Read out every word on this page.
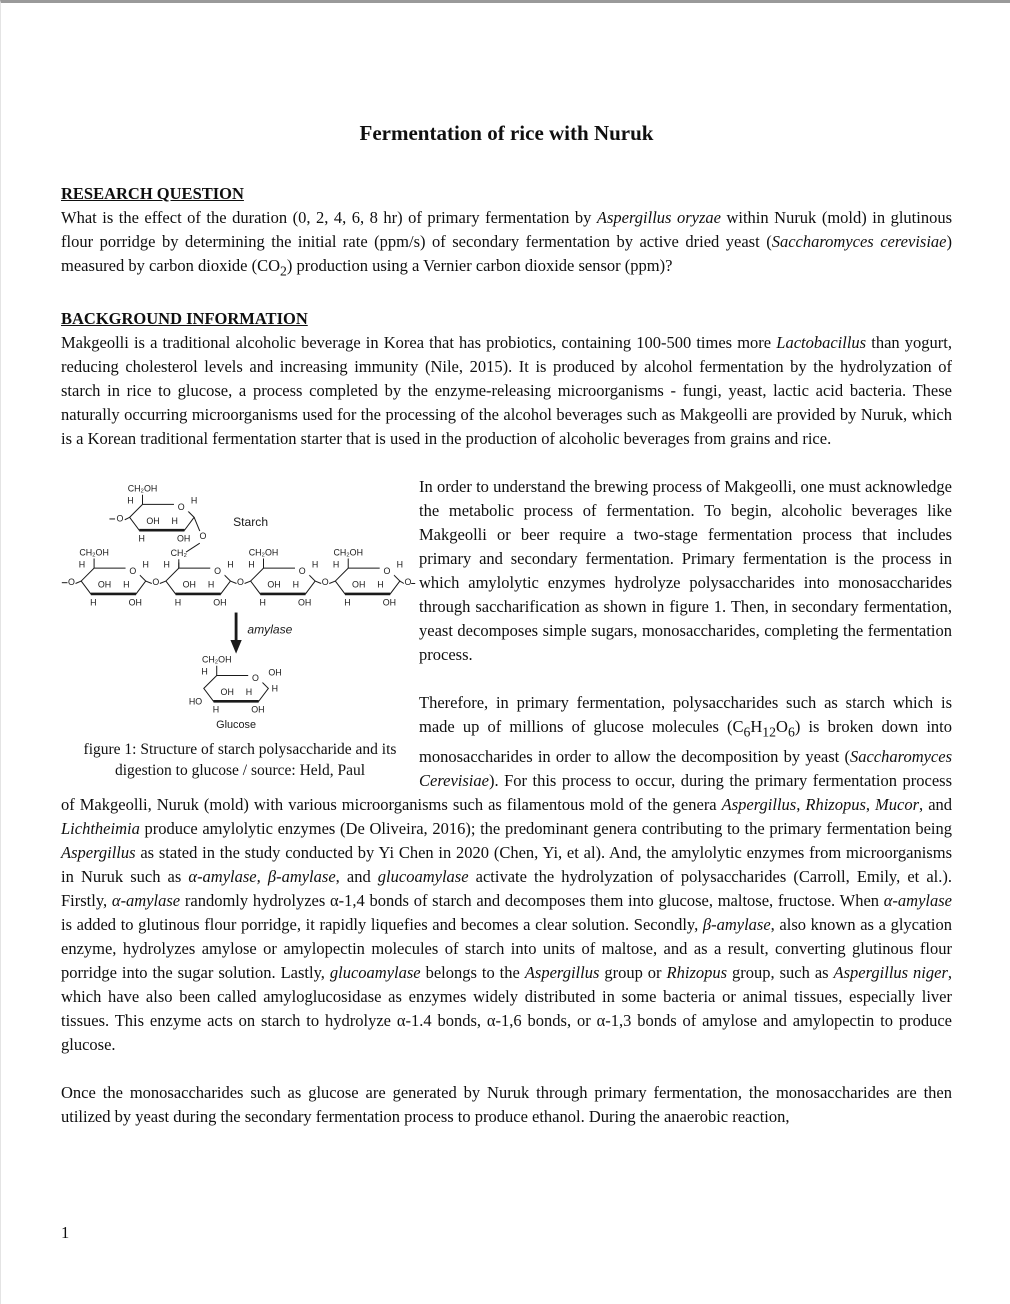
Fermentation of rice with Nuruk
RESEARCH QUESTION

What is the effect of the duration (0, 2, 4, 6, 8 hr) of primary fermentation by Aspergillus oryzae within Nuruk (mold) in glutinous flour porridge by determining the initial rate (ppm/s) of secondary fermentation by active dried yeast (Saccharomyces cerevisiae) measured by carbon dioxide $(CO_2)$ production using a Vernier carbon dioxide sensor (ppm)?

BACKGROUND INFORMATION

Makgeolli is a traditional alcoholic beverage in Korea that has probiotics, containing 100-500 times more Lactobacillus than yogurt, reducing cholesterol levels and increasing immunity (Nile, 2015). It is produced by alcohol fermentation by the hydrolyzation of starch in rice to glucose, a process completed by the enzyme-releasing microorganisms - fungi, yeast, lactic acid bacteria. These naturally occurring microorganisms used for the processing of the alcohol beverages such as Makgeolli are provided by Nuruk, which is a Korean traditional fermentation starter that is used in the production of alcoholic beverages from grains and rice.

O
CH₂OH
H	H
OH H
H OH
O
O
O
CH₂OH
H	H
OH H
H OH
O
CH₂
H	H
OH H
H OH
O
CH₂OH
H	H
OH H
H OH
O
CH₂OH
H	H
OH H
H OH
O	O	O	O	O
Starch
amylase
O
CH₂OH
H	OH
H
HO
OH H
H OH
Glucose
figure 1: Structure of starch polysaccharide and its digestion to glucose / source: Held, Paul

In order to understand the brewing process of Makgeolli, one must acknowledge the metabolic process of fermentation. To begin, alcoholic beverages like Makgeolli or beer require a two-stage fermentation process that includes primary and secondary fermentation. Primary fermentation is the process in which amylolytic enzymes hydrolyze polysaccharides into monosaccharides through saccharification as shown in figure 1. Then, in secondary fermentation, yeast decomposes simple sugars, monosaccharides, completing the fermentation process.

Therefore, in primary fermentation, polysaccharides such as starch which is made up of millions of glucose molecules $(C_6H_{12}O_6)$ is broken down into monosaccharides in order to allow the decomposition by yeast (Saccharomyces Cerevisiae). For this process to occur, during the primary fermentation process of Makgeolli, Nuruk (mold) with various microorganisms such as filamentous mold of the genera Aspergillus, Rhizopus, Mucor, and Lichtheimia produce amylolytic enzymes (De Oliveira, 2016); the predominant genera contributing to the primary fermentation being Aspergillus as stated in the study conducted by Yi Chen in 2020 (Chen, Yi, et al). And, the amylolytic enzymes from microorganisms in Nuruk such as α-amylase, β-amylase, and glucoamylase activate the hydrolyzation of polysaccharides (Carroll, Emily, et al.). Firstly, α-amylase randomly hydrolyzes α-1,4 bonds of starch and decomposes them into glucose, maltose, fructose. When α-amylase is added to glutinous flour porridge, it rapidly liquefies and becomes a clear solution. Secondly, β-amylase, also known as a glycation enzyme, hydrolyzes amylose or amylopectin molecules of starch into units of maltose, and as a result, converting glutinous flour porridge into the sugar solution. Lastly, glucoamylase belongs to the Aspergillus group or Rhizopus group, such as Aspergillus niger, which have also been called amyloglucosidase as enzymes widely distributed in some bacteria or animal tissues, especially liver tissues. This enzyme acts on starch to hydrolyze α-1.4 bonds, α-1,6 bonds, or α-1,3 bonds of amylose and amylopectin to produce glucose.

Once the monosaccharides such as glucose are generated by Nuruk through primary fermentation, the monosaccharides are then utilized by yeast during the secondary fermentation process to produce ethanol. During the anaerobic reaction,

1
